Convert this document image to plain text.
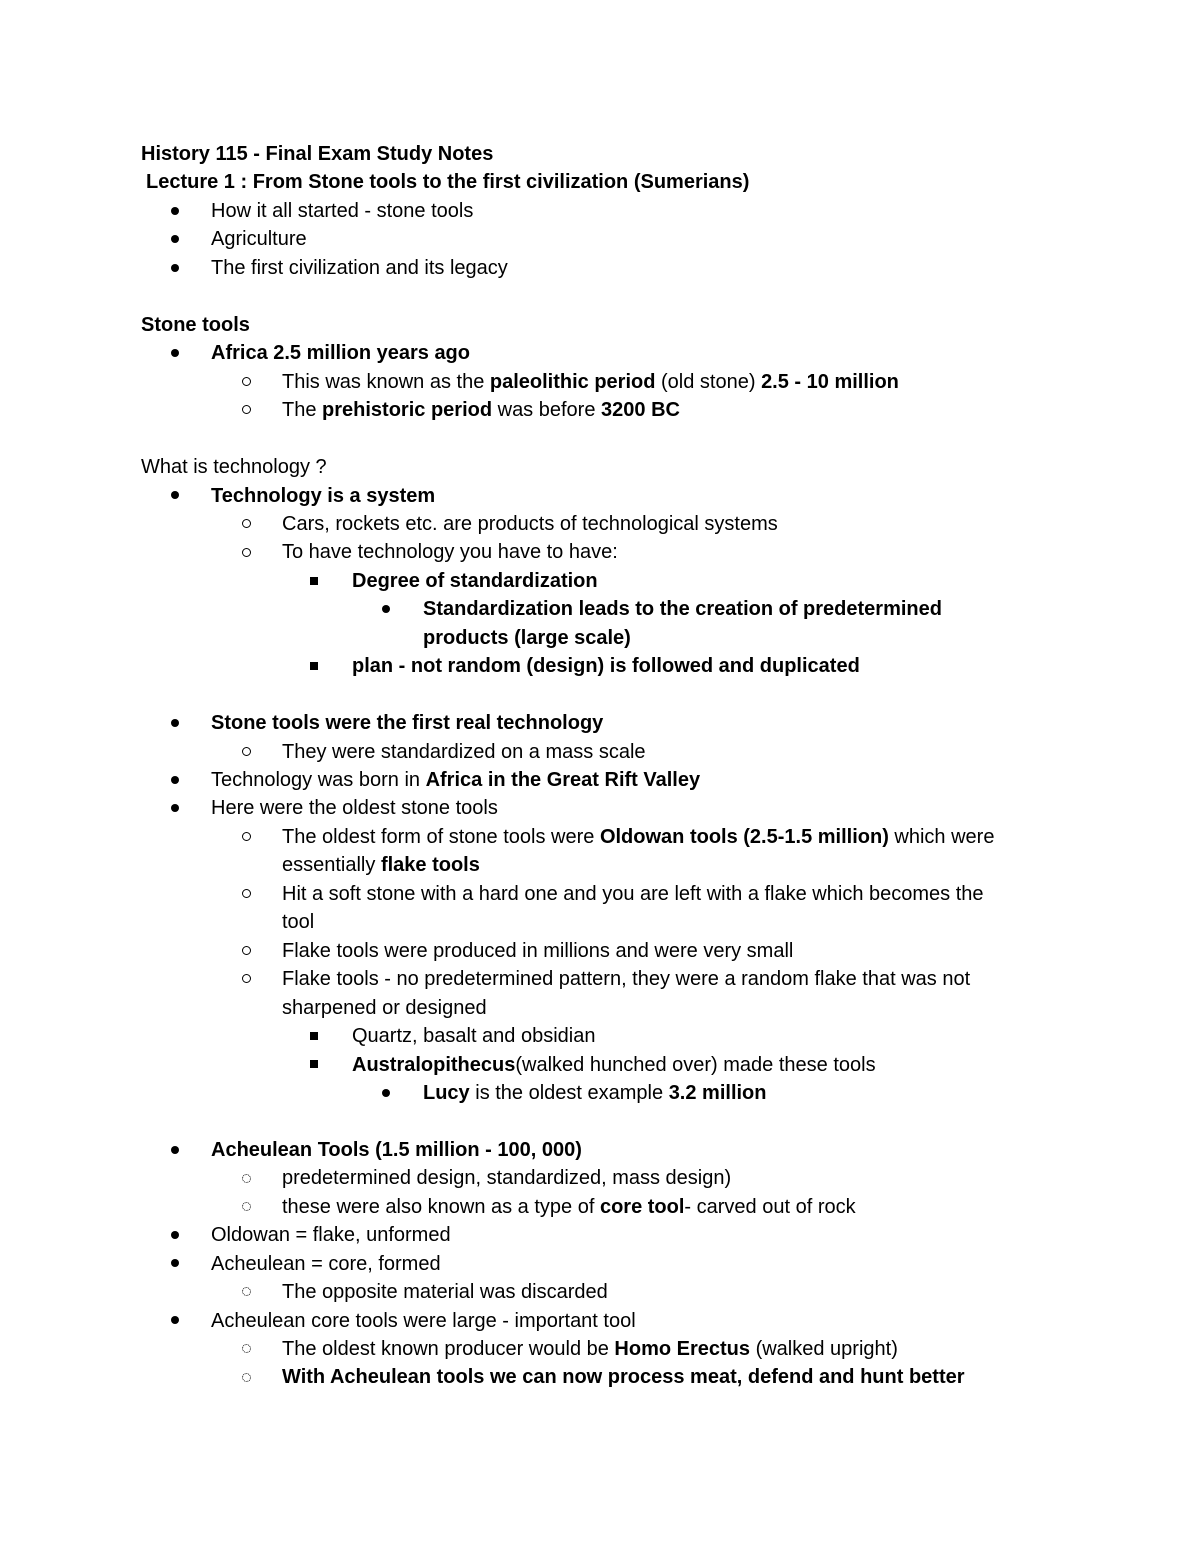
History 115 - Final Exam Study Notes
Lecture 1 : From Stone tools to the first civilization (Sumerians)
How it all started - stone tools
Agriculture
The first civilization and its legacy
Stone tools
Africa 2.5 million years ago
This was known as the paleolithic period (old stone) 2.5 - 10 million
The prehistoric period was before 3200 BC
What is technology ?
Technology is a system
Cars, rockets etc. are products of technological systems
To have technology you have to have:
Degree of standardization
Standardization leads to the creation of predetermined
products (large scale)
plan - not random (design) is followed and duplicated
Stone tools were the first real technology
They were standardized on a mass scale
Technology was born in Africa in the Great Rift Valley
Here were the oldest stone tools
The oldest form of stone tools were Oldowan tools (2.5-1.5 million) which were
essentially flake tools
Hit a soft stone with a hard one and you are left with a flake which becomes the
tool
Flake tools were produced in millions and were very small
Flake tools - no predetermined pattern, they were a random flake that was not
sharpened or designed
Quartz, basalt and obsidian
Australopithecus(walked hunched over) made these tools
Lucy is the oldest example 3.2 million
Acheulean Tools (1.5 million - 100, 000)
predetermined design, standardized, mass design)
these were also known as a type of core tool- carved out of rock
Oldowan = flake, unformed
Acheulean = core, formed
The opposite material was discarded
Acheulean core tools were large - important tool
The oldest known producer would be Homo Erectus (walked upright)
With Acheulean tools we can now process meat, defend and hunt better
